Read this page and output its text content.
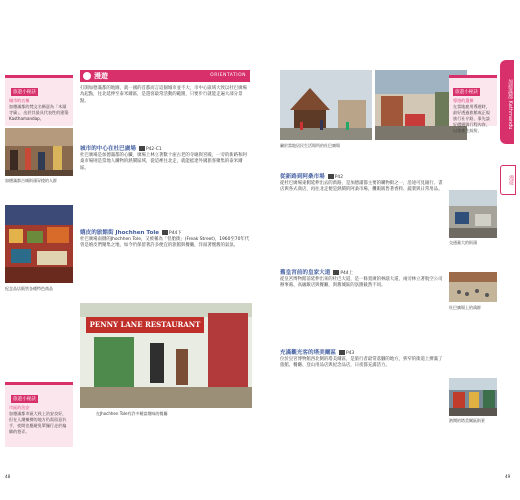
旅遊小秘訣
城市的名稱
加德滿都的梵文名稱意為「木頭寺廟」，出於其最具代表性的建築Kasthamandap。
加德滿都古城街頭穿梭的人群
紀念品店販售各種特色商品
旅遊小秘訣
市區的治安
加德滿都市區大致上治安良好，但在人潮擁擠的地方仍需留意扒手，夜間也應避免單獨行走於偏僻的巷弄。
漫遊	ORIENTATION
打開加德滿都的地圖，就一國的首都而言這個城市並不大，市中心區域大致以杜巴廣場為起點，往北延伸至泰米爾區，是遊客最常活動的範圍，只要步行就能走遍大部分景點。
城市的中心在杜巴廣場 P42-C1
杜巴廣場是加德滿都的心臟，廣場上林立著數十座古老的寺廟與宮殿，一旁的新路和阿桑市場則是當地人購物的熱鬧區域，從這裡往北走，就能抵達外國旅客聚集的泰米爾區。
嬉皮的旅館街 Jhochhen Tole P44下
杜巴廣場南側的Jhochhen Tole，又被稱為「怪胎街」(Freak Street)，1960至70年代曾是嬉皮們聚集之地，如今仍保留著許多便宜的旅館與餐廳，洋溢著懷舊的氣氛。
PENNY LANE RESTAURANT
在Jhochhen Tole有許多饒富趣味的餐廳
48
屬於當地居民生活場所的杜巴廣場
從新路到阿桑市場 P42
從杜巴廣場東側延伸出去的新路，是加德滿都主要的購物街之一，沿途可見銀行、書店與各式商店，再往北走便是熱鬧的阿桑市場，攤販販售著香料、蔬菜與日常用品。
舊皇宮前的皇家大道 P44上
從皇宮博物館前延伸出來的杜巴大道，是一條寬廣的林蔭大道，兩旁林立著航空公司辦事處、高級飯店與餐廳，與舊城區的氛圍截然不同。
充滿觀光客的塔美爾區 P43
位於皇宮博物館西北側的塔美爾區，是旅行者最常落腳的地方，狹窄的街道上擠滿了旅館、餐廳、登山用品店與紀念品店，日夜都充滿活力。
旅遊小秘訣
導遊的選擇
在當地雇用導遊時，最好透過旅館或正規旅行社介紹，事先談好價錢與行程內容，以免產生糾紛。
交通量大的街頭
杜巴廣場上的鴿群
熱鬧的塔美爾區街景
加德滿都 Kathmandu
漫遊
49
